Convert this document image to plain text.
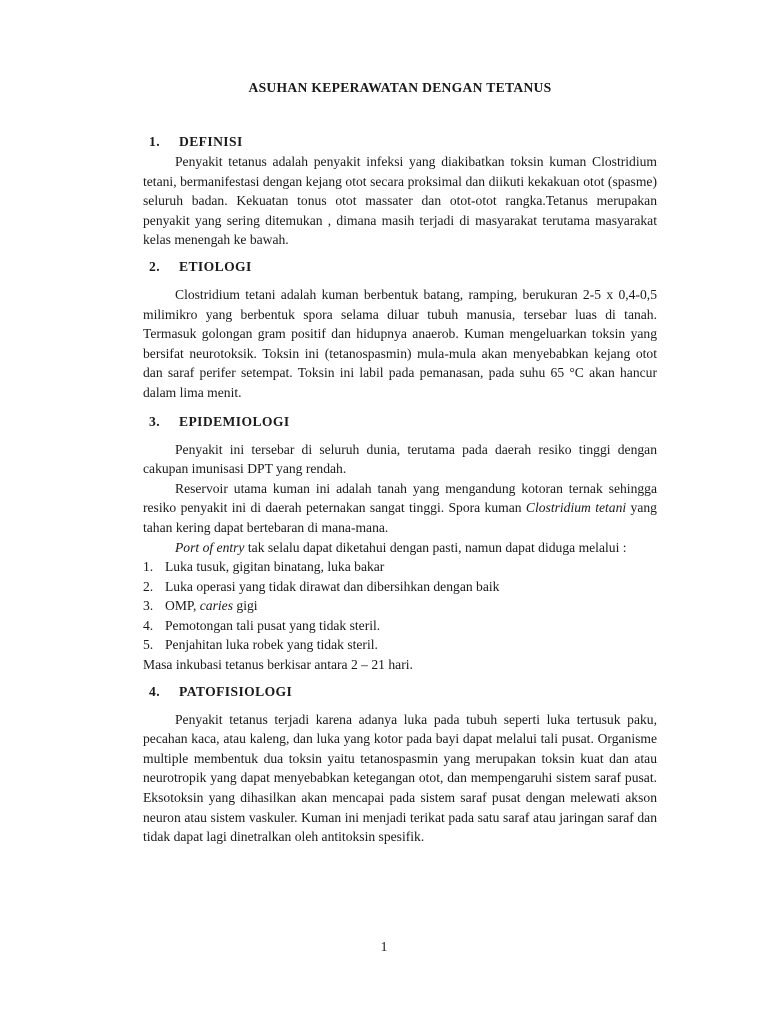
ASUHAN KEPERAWATAN DENGAN TETANUS
1. DEFINISI

Penyakit tetanus adalah penyakit infeksi yang diakibatkan toksin kuman Clostridium tetani, bermanifestasi dengan kejang otot secara proksimal dan diikuti kekakuan otot (spasme) seluruh badan. Kekuatan tonus otot massater dan otot-otot rangka.Tetanus merupakan penyakit yang sering ditemukan , dimana masih terjadi di masyarakat terutama masyarakat kelas menengah ke bawah.

2. ETIOLOGI

Clostridium tetani adalah kuman berbentuk batang, ramping, berukuran 2-5 x 0,4-0,5 milimikro yang berbentuk spora selama diluar tubuh manusia, tersebar luas di tanah. Termasuk golongan gram positif dan hidupnya anaerob. Kuman mengeluarkan toksin yang bersifat neurotoksik. Toksin ini (tetanospasmin) mula-mula akan menyebabkan kejang otot dan saraf perifer setempat. Toksin ini labil pada pemanasan, pada suhu 65 °C akan hancur dalam lima menit.

3. EPIDEMIOLOGI

Penyakit ini tersebar di seluruh dunia, terutama pada daerah resiko tinggi dengan cakupan imunisasi DPT yang rendah.

Reservoir utama kuman ini adalah tanah yang mengandung kotoran ternak sehingga resiko penyakit ini di daerah peternakan sangat tinggi. Spora kuman Clostridium tetani yang tahan kering dapat bertebaran di mana-mana.

Port of entry tak selalu dapat diketahui dengan pasti, namun dapat diduga melalui :

1. Luka tusuk, gigitan binatang, luka bakar
2. Luka operasi yang tidak dirawat dan dibersihkan dengan baik
3. OMP, caries gigi
4. Pemotongan tali pusat yang tidak steril.
5. Penjahitan luka robek yang tidak steril.

Masa inkubasi tetanus berkisar antara 2 – 21 hari.

4. PATOFISIOLOGI

Penyakit tetanus terjadi karena adanya luka pada tubuh seperti luka tertusuk paku, pecahan kaca, atau kaleng, dan luka yang kotor pada bayi dapat melalui tali pusat. Organisme multiple membentuk dua toksin yaitu tetanospasmin yang merupakan toksin kuat dan atau neurotropik yang dapat menyebabkan ketegangan otot, dan mempengaruhi sistem saraf pusat. Eksotoksin yang dihasilkan akan mencapai pada sistem saraf pusat dengan melewati akson neuron atau sistem vaskuler. Kuman ini menjadi terikat pada satu saraf atau jaringan saraf dan tidak dapat lagi dinetralkan oleh antitoksin spesifik.

1
